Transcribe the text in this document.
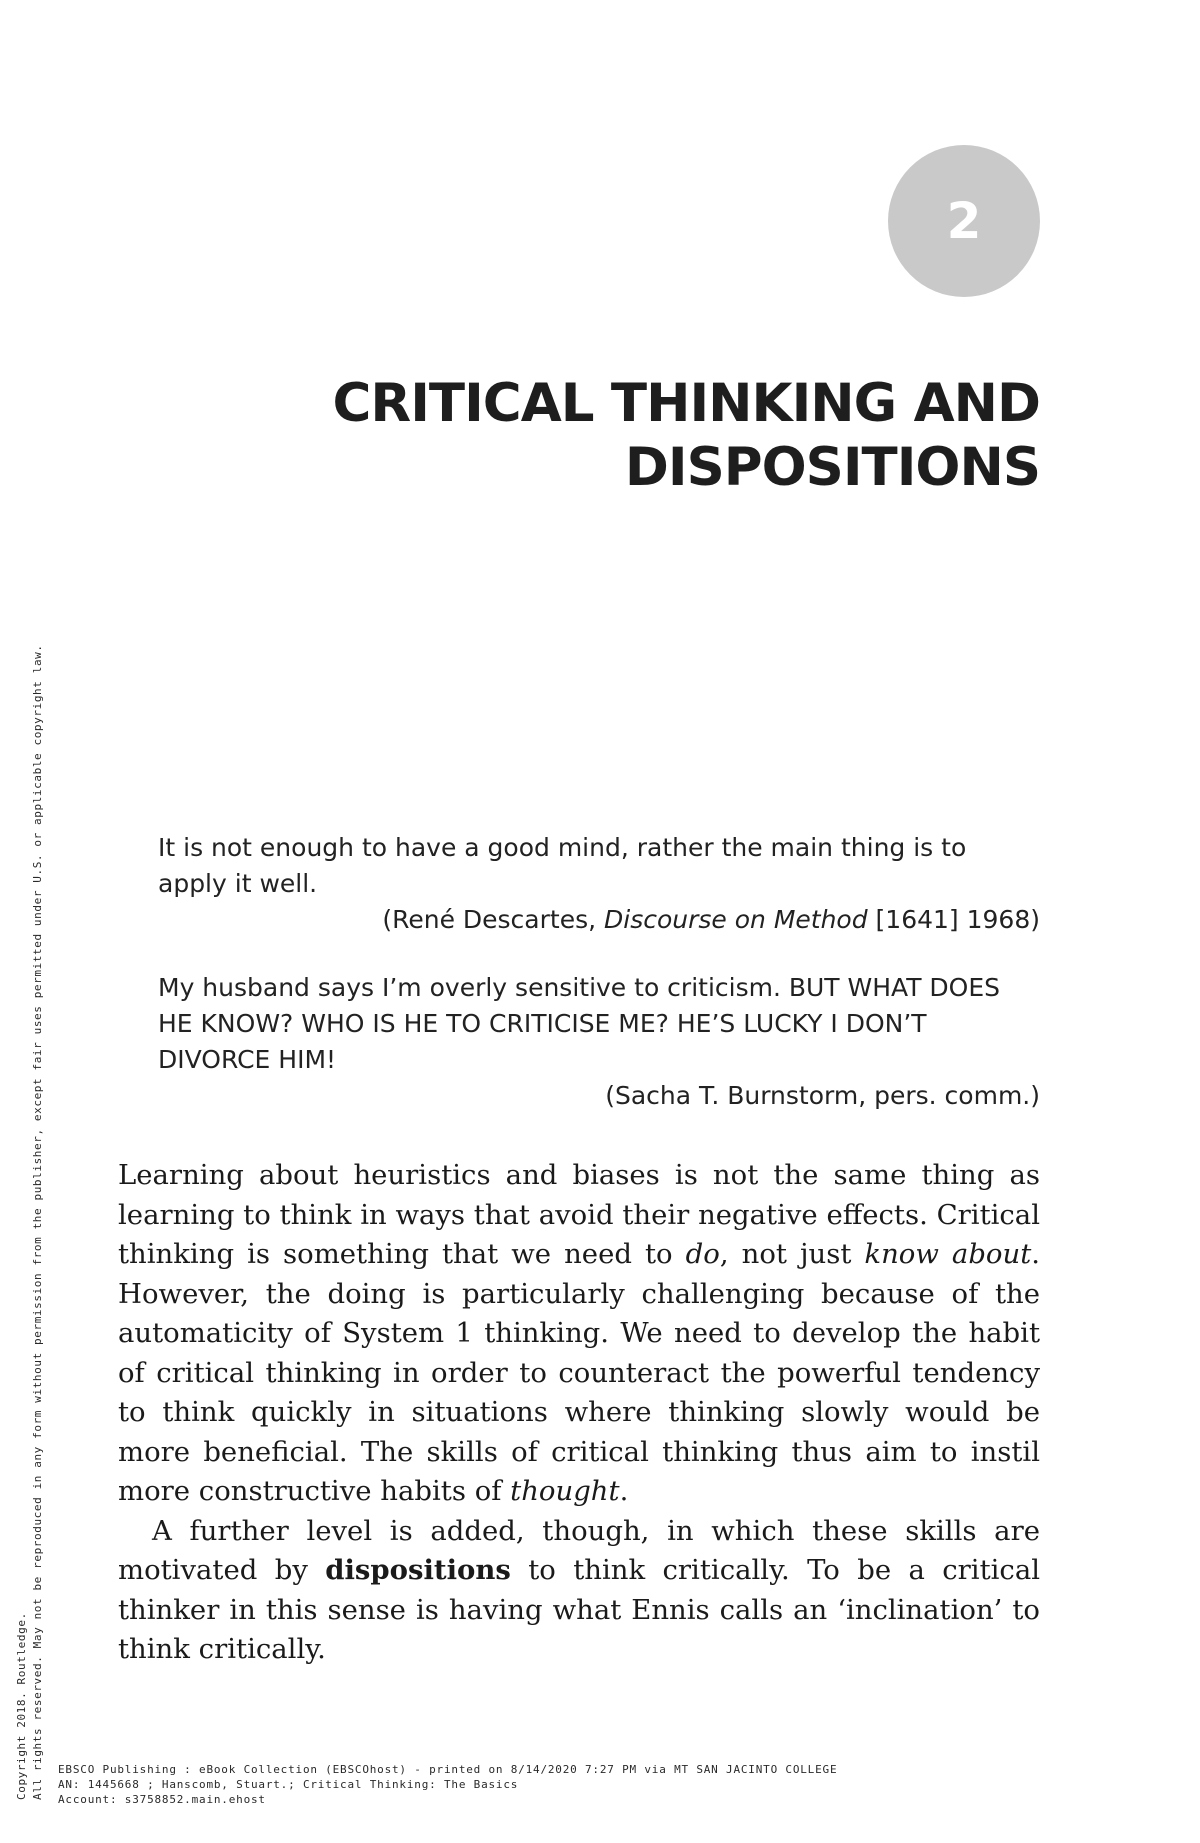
2
CRITICAL THINKING AND
DISPOSITIONS
It is not enough to have a good mind, rather the main thing is to apply it well.
(René Descartes, Discourse on Method [1641] 1968)
My husband says I’m overly sensitive to criticism. BUT WHAT DOES HE KNOW? WHO IS HE TO CRITICISE ME? HE’S LUCKY I DON’T DIVORCE HIM!
(Sacha T. Burnstorm, pers. comm.)

Learning about heuristics and biases is not the same thing as learning to think in ways that avoid their negative effects. Critical thinking is something that we need to do, not just know about. However, the doing is particularly challenging because of the automaticity of System 1 thinking. We need to develop the habit of critical thinking in order to counteract the powerful tendency to think quickly in situations where thinking slowly would be more beneficial. The skills of critical thinking thus aim to instil more constructive habits of thought.

A further level is added, though, in which these skills are motivated by dispositions to think critically. To be a critical thinker in this sense is having what Ennis calls an ‘inclination’ to think critically.

Copyright 2018. Routledge. All rights reserved. May not be reproduced in any form without permission from the publisher, except fair uses permitted under U.S. or applicable copyright law. EBSCO Publishing : eBook Collection (EBSCOhost) - printed on 8/14/2020 7:27 PM via MT SAN JACINTO COLLEGE
AN: 1445668 ; Hanscomb, Stuart.; Critical Thinking: The Basics
Account: s3758852.main.ehost
